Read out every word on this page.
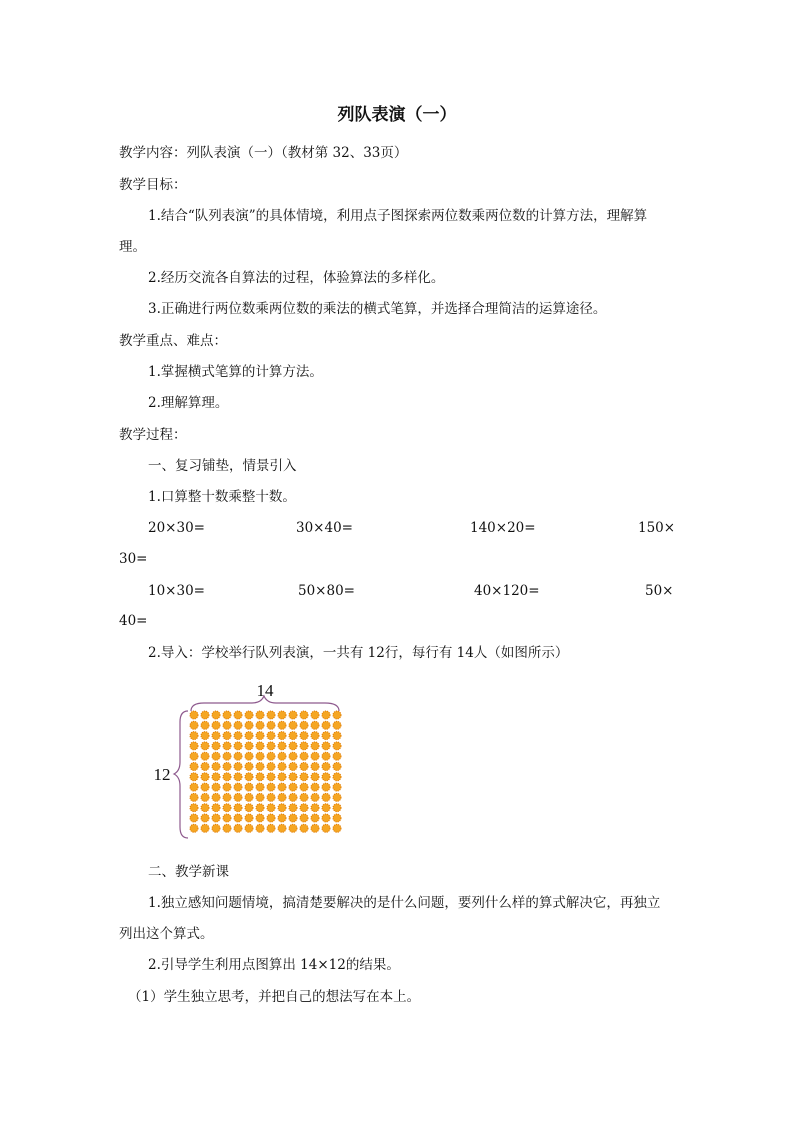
列队表演（一）
教学内容：列队表演（一）（教材第 32、33页）
教学目标：
1.结合“队列表演”的具体情境，利用点子图探索两位数乘两位数的计算方法，理解算
理。
2.经历交流各自算法的过程，体验算法的多样化。
3.正确进行两位数乘两位数的乘法的横式笔算，并选择合理简洁的运算途径。
教学重点、难点：
1.掌握横式笔算的计算方法。
2.理解算理。
教学过程：
一、复习铺垫，情景引入
1.口算整十数乘整十数。
20×30=	30×40=	140×20=	150×
30=
10×30=	50×80=	40×120=	50×
40=
2.导入：学校举行队列表演，一共有 12行，每行有 14人（如图所示）
14
12
二、教学新课
1.独立感知问题情境，搞清楚要解决的是什么问题，要列什么样的算式解决它，再独立
列出这个算式。
2.引导学生利用点图算出 14×12的结果。
（1）学生独立思考，并把自己的想法写在本上。
